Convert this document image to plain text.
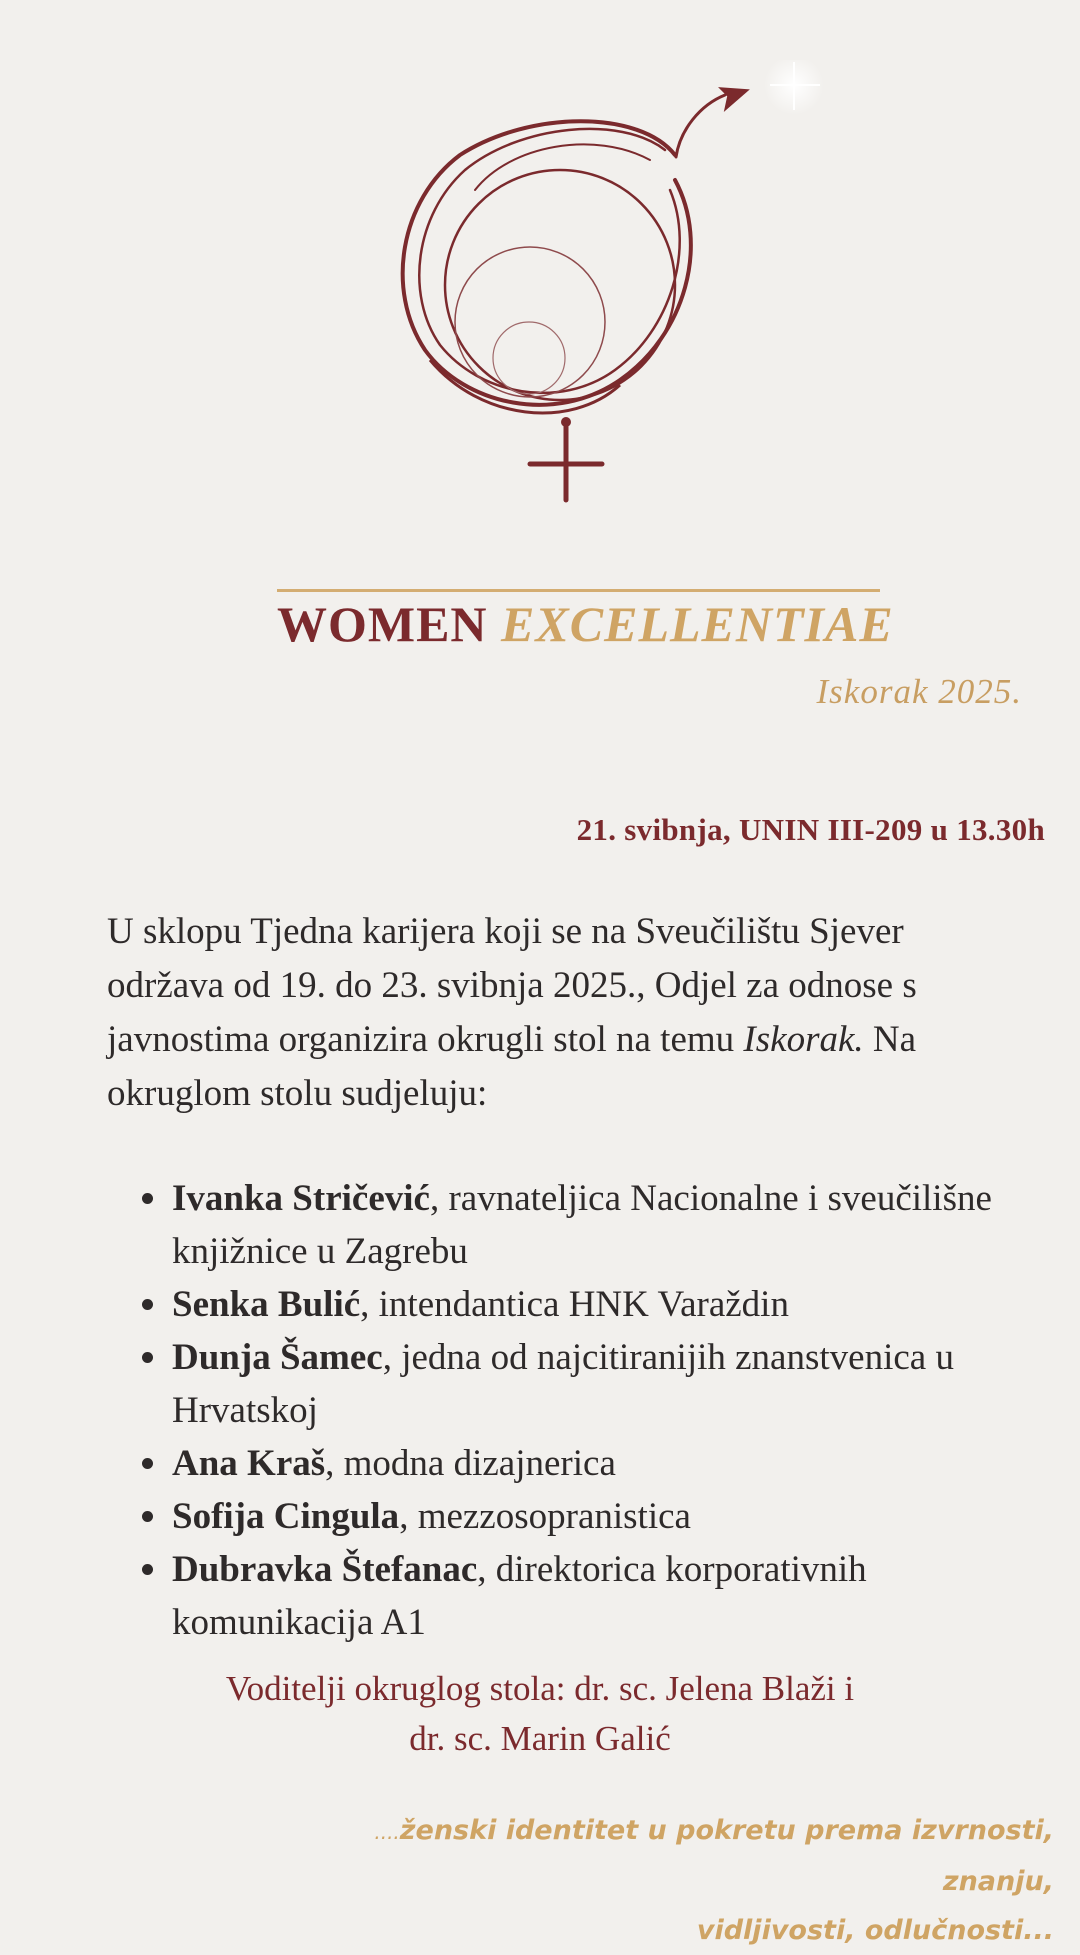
WOMEN EXCELLENTIAE
Iskorak 2025.
21. svibnja, UNIN III-209 u 13.30h

U sklopu Tjedna karijera koji se na Sveučilištu Sjever održava od 19. do 23. svibnja 2025., Odjel za odnose s javnostima organizira okrugli stol na temu Iskorak. Na okruglom stolu sudjeluju:

Ivanka Stričević, ravnateljica Nacionalne i sveučilišne knjižnice u Zagrebu
Senka Bulić, intendantica HNK Varaždin
Dunja Šamec, jedna od najcitiranijih znanstvenica u Hrvatskoj
Ana Kraš, modna dizajnerica
Sofija Cingula, mezzosopranistica
Dubravka Štefanac, direktorica korporativnih komunikacija A1
Voditelji okruglog stola: dr. sc. Jelena Blaži i
dr. sc. Marin Galić
....ženski identitet u pokretu prema izvrnosti, znanju,
vidljivosti, odlučnosti...
